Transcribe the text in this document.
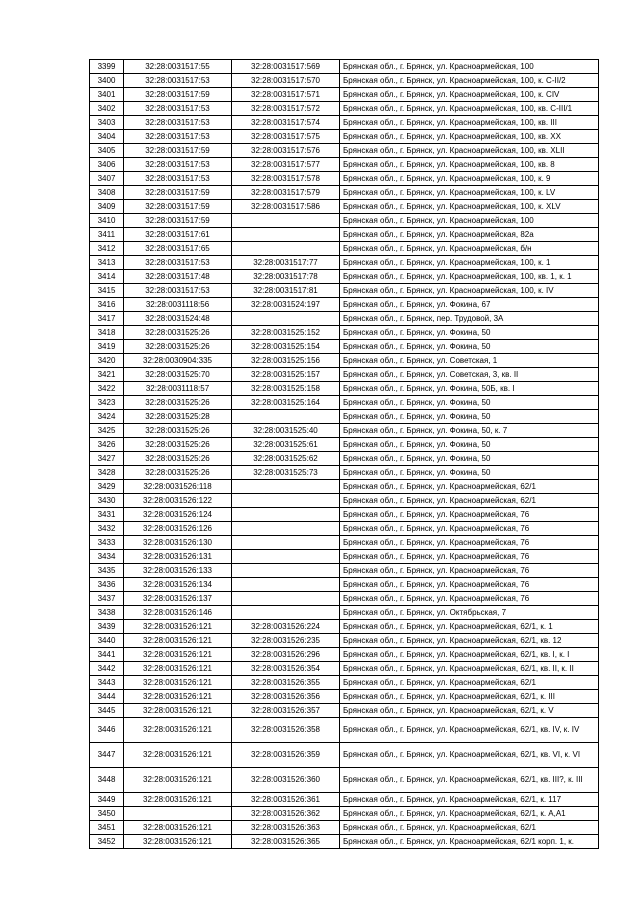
3399	32:28:0031517:55	32:28:0031517:569	Брянская обл., г. Брянск, ул. Красноармейская, 100
3400	32:28:0031517:53	32:28:0031517:570	Брянская обл., г. Брянск, ул. Красноармейская, 100, к. С-II/2
3401	32:28:0031517:59	32:28:0031517:571	Брянская обл., г. Брянск, ул. Красноармейская, 100, к. CIV
3402	32:28:0031517:53	32:28:0031517:572	Брянская обл., г. Брянск, ул. Красноармейская, 100, кв. С-III/1
3403	32:28:0031517:53	32:28:0031517:574	Брянская обл., г. Брянск, ул. Красноармейская, 100, кв. III
3404	32:28:0031517:53	32:28:0031517:575	Брянская обл., г. Брянск, ул. Красноармейская, 100, кв. XX
3405	32:28:0031517:59	32:28:0031517:576	Брянская обл., г. Брянск, ул. Красноармейская, 100, кв. XLII
3406	32:28:0031517:53	32:28:0031517:577	Брянская обл., г. Брянск, ул. Красноармейская, 100, кв. 8
3407	32:28:0031517:53	32:28:0031517:578	Брянская обл., г. Брянск, ул. Красноармейская, 100, к. 9
3408	32:28:0031517:59	32:28:0031517:579	Брянская обл., г. Брянск, ул. Красноармейская, 100, к. LV
3409	32:28:0031517:59	32:28:0031517:586	Брянская обл., г. Брянск, ул. Красноармейская, 100, к. XLV
3410	32:28:0031517:59		Брянская обл., г. Брянск, ул. Красноармейская, 100
3411	32:28:0031517:61		Брянская обл., г. Брянск, ул. Красноармейская, 82а
3412	32:28:0031517:65		Брянская обл., г. Брянск, ул. Красноармейская, б/н
3413	32:28:0031517:53	32:28:0031517:77	Брянская обл., г. Брянск, ул. Красноармейская, 100, к. 1
3414	32:28:0031517:48	32:28:0031517:78	Брянская обл., г. Брянск, ул. Красноармейская, 100, кв. 1, к. 1
3415	32:28:0031517:53	32:28:0031517:81	Брянская обл., г. Брянск, ул. Красноармейская, 100, к. IV
3416	32:28:0031118:56	32:28:0031524:197	Брянская обл., г. Брянск, ул. Фокина, 67
3417	32:28:0031524:48		Брянская обл., г. Брянск, пер. Трудовой, 3А
3418	32:28:0031525:26	32:28:0031525:152	Брянская обл., г. Брянск, ул. Фокина, 50
3419	32:28:0031525:26	32:28:0031525:154	Брянская обл., г. Брянск, ул. Фокина, 50
3420	32:28:0030904:335	32:28:0031525:156	Брянская обл., г. Брянск, ул. Советская, 1
3421	32:28:0031525:70	32:28:0031525:157	Брянская обл., г. Брянск, ул. Советская, 3, кв. II
3422	32:28:0031118:57	32:28:0031525:158	Брянская обл., г. Брянск, ул. Фокина, 50Б, кв. I
3423	32:28:0031525:26	32:28:0031525:164	Брянская обл., г. Брянск, ул. Фокина, 50
3424	32:28:0031525:28		Брянская обл., г. Брянск, ул. Фокина, 50
3425	32:28:0031525:26	32:28:0031525:40	Брянская обл., г. Брянск, ул. Фокина, 50, к. 7
3426	32:28:0031525:26	32:28:0031525:61	Брянская обл., г. Брянск, ул. Фокина, 50
3427	32:28:0031525:26	32:28:0031525:62	Брянская обл., г. Брянск, ул. Фокина, 50
3428	32:28:0031525:26	32:28:0031525:73	Брянская обл., г. Брянск, ул. Фокина, 50
3429	32:28:0031526:118		Брянская обл., г. Брянск, ул. Красноармейская, 62/1
3430	32:28:0031526:122		Брянская обл., г. Брянск, ул. Красноармейская, 62/1
3431	32:28:0031526:124		Брянская обл., г. Брянск, ул. Красноармейская, 76
3432	32:28:0031526:126		Брянская обл., г. Брянск, ул. Красноармейская, 76
3433	32:28:0031526:130		Брянская обл., г. Брянск, ул. Красноармейская, 76
3434	32:28:0031526:131		Брянская обл., г. Брянск, ул. Красноармейская, 76
3435	32:28:0031526:133		Брянская обл., г. Брянск, ул. Красноармейская, 76
3436	32:28:0031526:134		Брянская обл., г. Брянск, ул. Красноармейская, 76
3437	32:28:0031526:137		Брянская обл., г. Брянск, ул. Красноармейская, 76
3438	32:28:0031526:146		Брянская обл., г. Брянск, ул. Октябрьская, 7
3439	32:28:0031526:121	32:28:0031526:224	Брянская обл., г. Брянск, ул. Красноармейская, 62/1, к. 1
3440	32:28:0031526:121	32:28:0031526:235	Брянская обл., г. Брянск, ул. Красноармейская, 62/1, кв. 12
3441	32:28:0031526:121	32:28:0031526:296	Брянская обл., г. Брянск, ул. Красноармейская, 62/1, кв. I, к. I
3442	32:28:0031526:121	32:28:0031526:354	Брянская обл., г. Брянск, ул. Красноармейская, 62/1, кв. II, к. II
3443	32:28:0031526:121	32:28:0031526:355	Брянская обл., г. Брянск, ул. Красноармейская, 62/1
3444	32:28:0031526:121	32:28:0031526:356	Брянская обл., г. Брянск, ул. Красноармейская, 62/1, к. III
3445	32:28:0031526:121	32:28:0031526:357	Брянская обл., г. Брянск, ул. Красноармейская, 62/1, к. V
3446	32:28:0031526:121	32:28:0031526:358	Брянская обл., г. Брянск, ул. Красноармейская, 62/1, кв. IV, к. IV
3447	32:28:0031526:121	32:28:0031526:359	Брянская обл., г. Брянск, ул. Красноармейская, 62/1, кв. VI, к. VI
3448	32:28:0031526:121	32:28:0031526:360	Брянская обл., г. Брянск, ул. Красноармейская, 62/1, кв. III?, к. III
3449	32:28:0031526:121	32:28:0031526:361	Брянская обл., г. Брянск, ул. Красноармейская, 62/1, к. 117
3450		32:28:0031526:362	Брянская обл., г. Брянск, ул. Красноармейская, 62/1, к. А,А1
3451	32:28:0031526:121	32:28:0031526:363	Брянская обл., г. Брянск, ул. Красноармейская, 62/1
3452	32:28:0031526:121	32:28:0031526:365	Брянская обл., г. Брянск, ул. Красноармейская, 62/1 корп. 1, к.
